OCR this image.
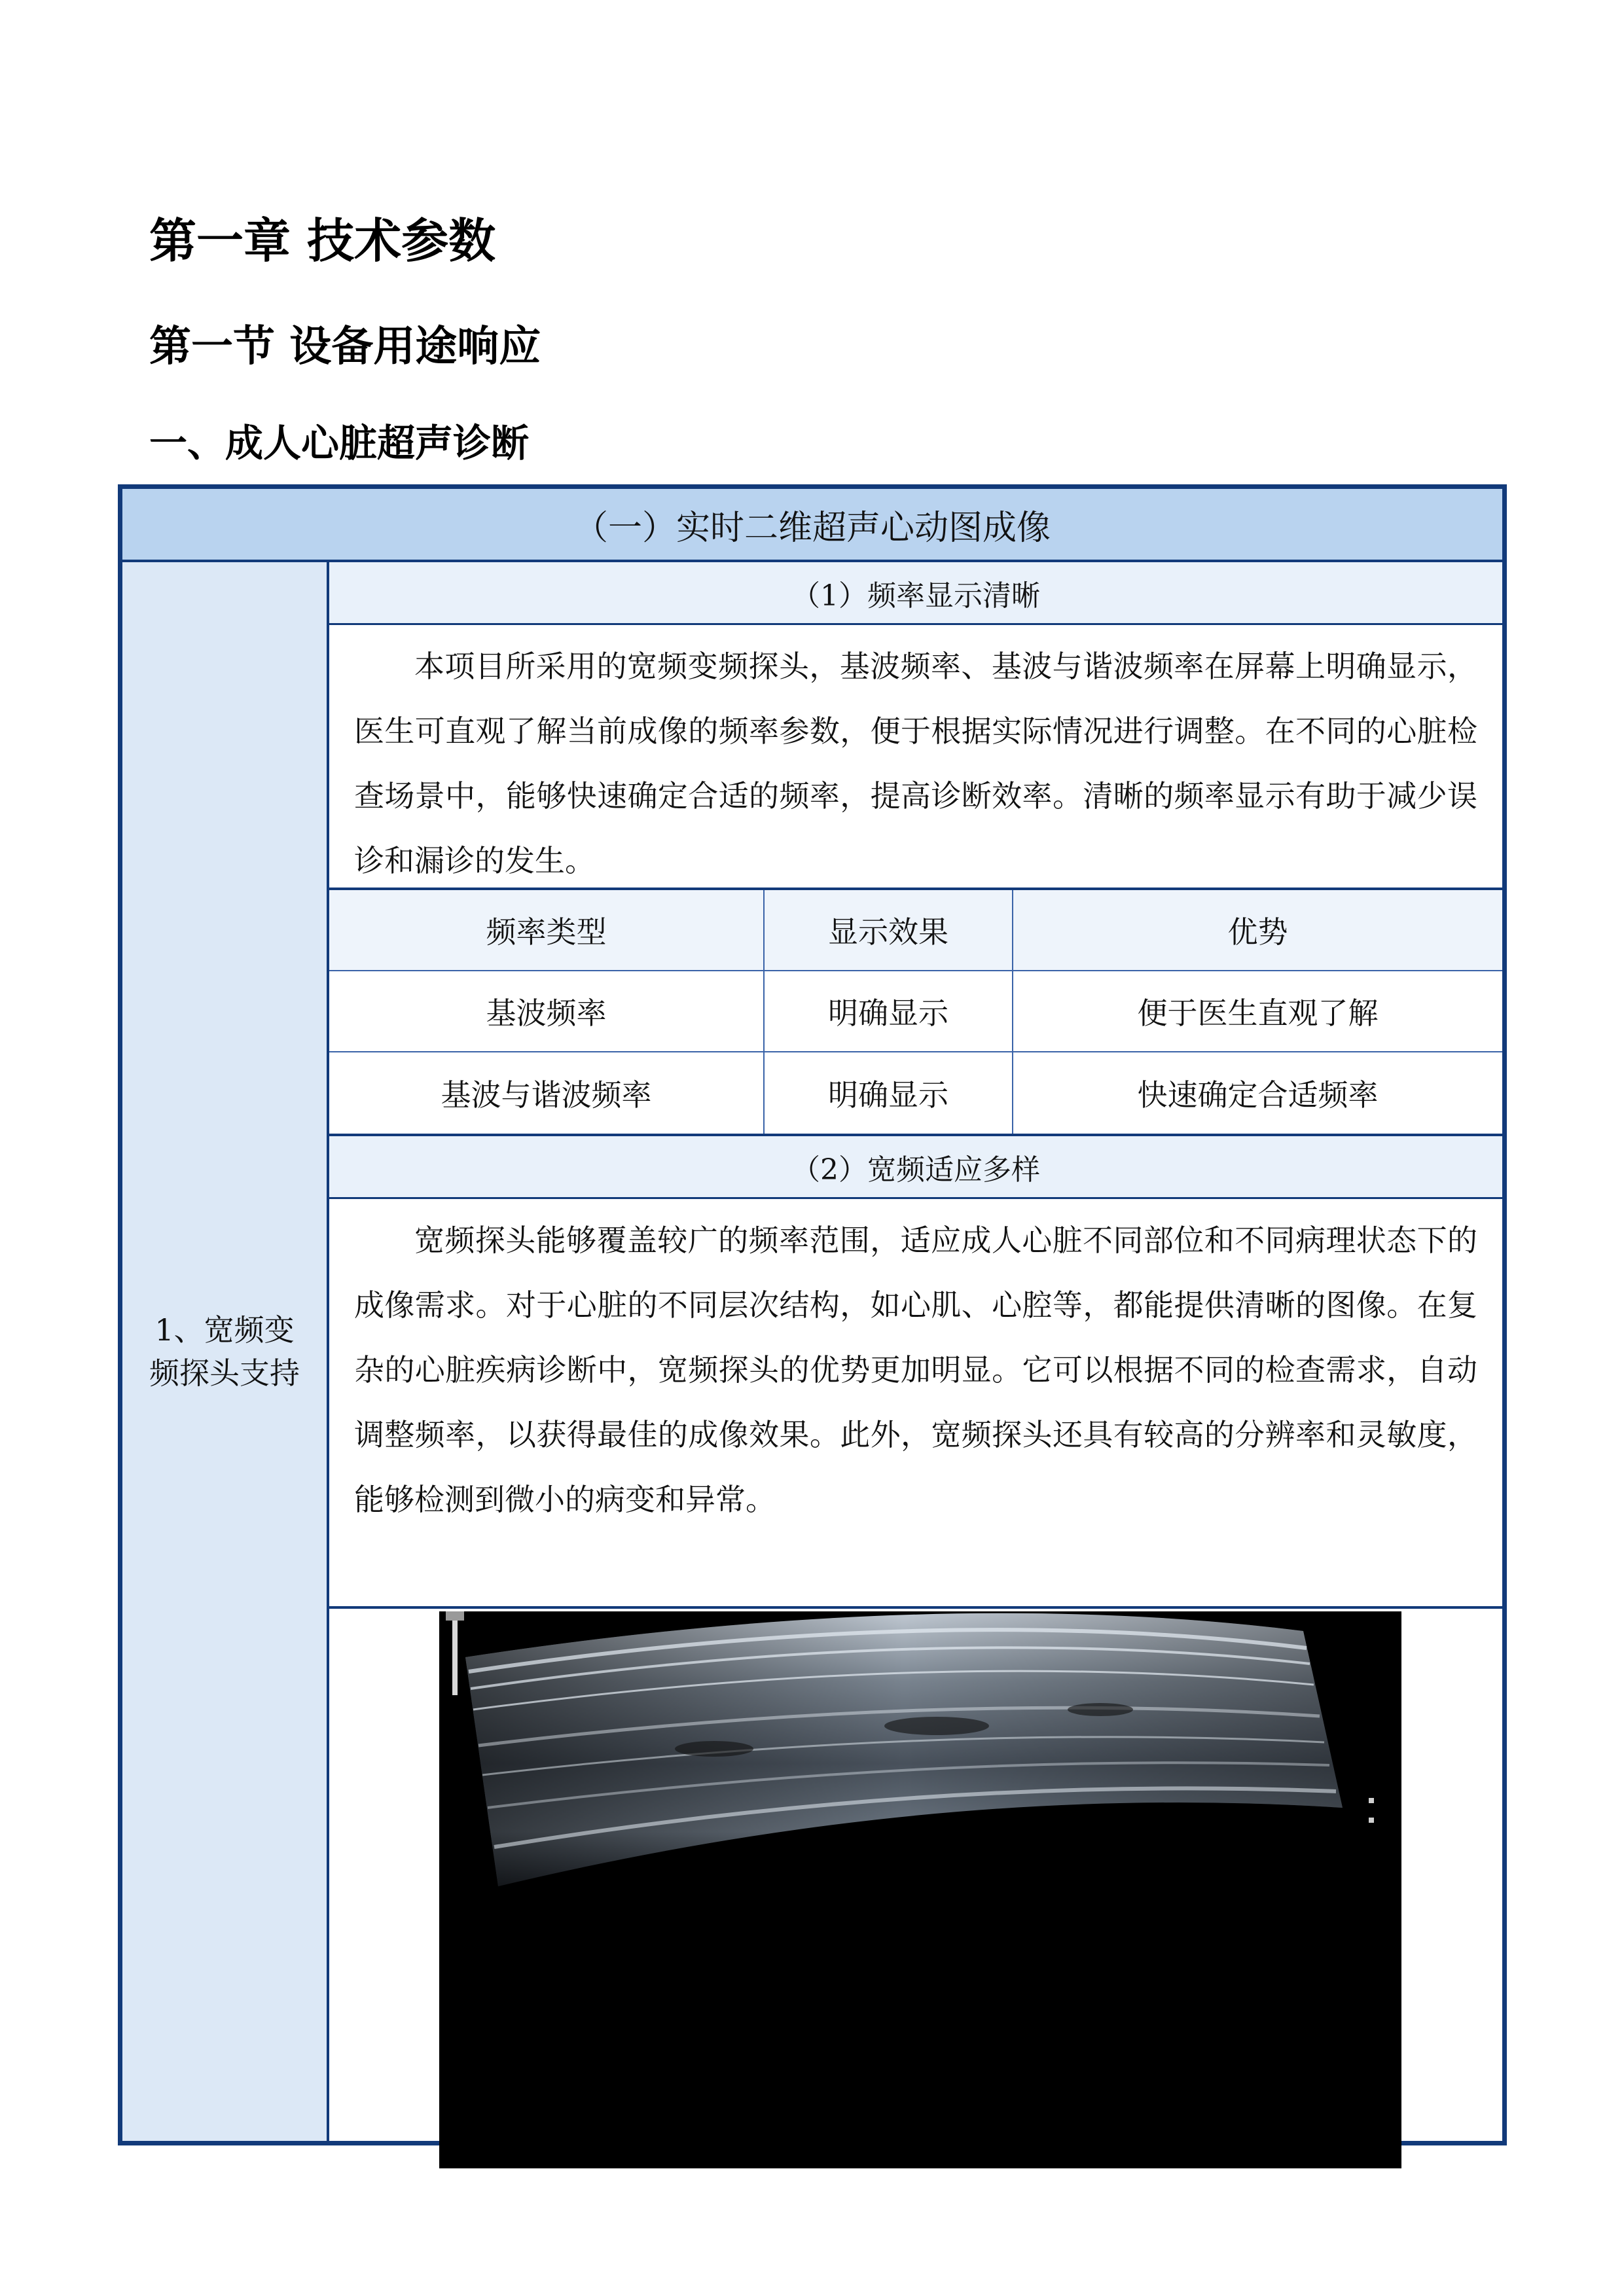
第一章 技术参数
第一节 设备用途响应
一、成人心脏超声诊断
（一）实时二维超声心动图成像
1、宽频变频探头支持
（1）频率显示清晰
本项目所采用的宽频变频探头，基波频率、基波与谐波频率在屏幕上明确显示，医生可直观了解当前成像的频率参数，便于根据实际情况进行调整。在不同的心脏检查场景中，能够快速确定合适的频率，提高诊断效率。清晰的频率显示有助于减少误诊和漏诊的发生。
频率类型	显示效果	优势
基波频率	明确显示	便于医生直观了解
基波与谐波频率	明确显示	快速确定合适频率
（2）宽频适应多样
宽频探头能够覆盖较广的频率范围，适应成人心脏不同部位和不同病理状态下的成像需求。对于心脏的不同层次结构，如心肌、心腔等，都能提供清晰的图像。在复杂的心脏疾病诊断中，宽频探头的优势更加明显。它可以根据不同的检查需求，自动调整频率，以获得最佳的成像效果。此外，宽频探头还具有较高的分辨率和灵敏度，能够检测到微小的病变和异常。
